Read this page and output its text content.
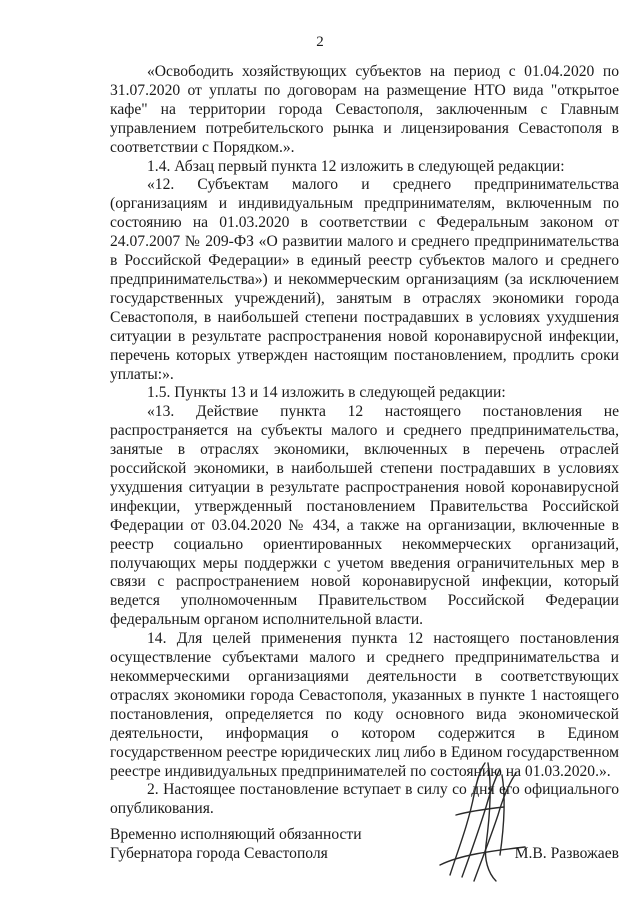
2

«Освободить хозяйствующих субъектов на период с 01.04.2020 по 31.07.2020 от уплаты по договорам на размещение НТО вида "открытое кафе" на территории города Севастополя, заключенным с Главным управлением потребительского рынка и лицензирования Севастополя в соответствии с Порядком.».

1.4. Абзац первый пункта 12 изложить в следующей редакции:

«12. Субъектам малого и среднего предпринимательства (организациям и индивидуальным предпринимателям, включенным по состоянию на 01.03.2020 в соответствии с Федеральным законом от 24.07.2007 № 209-ФЗ «О развитии малого и среднего предпринимательства в Российской Федерации» в единый реестр субъектов малого и среднего предпринимательства») и некоммерческим организациям (за исключением государственных учреждений), занятым в отраслях экономики города Севастополя, в наибольшей степени пострадавших в условиях ухудшения ситуации в результате распространения новой коронавирусной инфекции, перечень которых утвержден настоящим постановлением, продлить сроки уплаты:».

1.5. Пункты 13 и 14 изложить в следующей редакции:

«13. Действие пункта 12 настоящего постановления не распространяется на субъекты малого и среднего предпринимательства, занятые в отраслях экономики, включенных в перечень отраслей российской экономики, в наибольшей степени пострадавших в условиях ухудшения ситуации в результате распространения новой коронавирусной инфекции, утвержденный постановлением Правительства Российской Федерации от 03.04.2020 № 434, а также на организации, включенные в реестр социально ориентированных некоммерческих организаций, получающих меры поддержки с учетом введения ограничительных мер в связи с распространением новой коронавирусной инфекции, который ведется уполномоченным Правительством Российской Федерации федеральным органом исполнительной власти.

14. Для целей применения пункта 12 настоящего постановления осуществление субъектами малого и среднего предпринимательства и некоммерческими организациями деятельности в соответствующих отраслях экономики города Севастополя, указанных в пункте 1 настоящего постановления, определяется по коду основного вида экономической деятельности, информация о котором содержится в Едином государственном реестре юридических лиц либо в Едином государственном реестре индивидуальных предпринимателей по состоянию на 01.03.2020.».

2. Настоящее постановление вступает в силу со дня его официального опубликования.

Временно исполняющий обязанности

Губернатора города Севастополя	М.В. Развожаев
